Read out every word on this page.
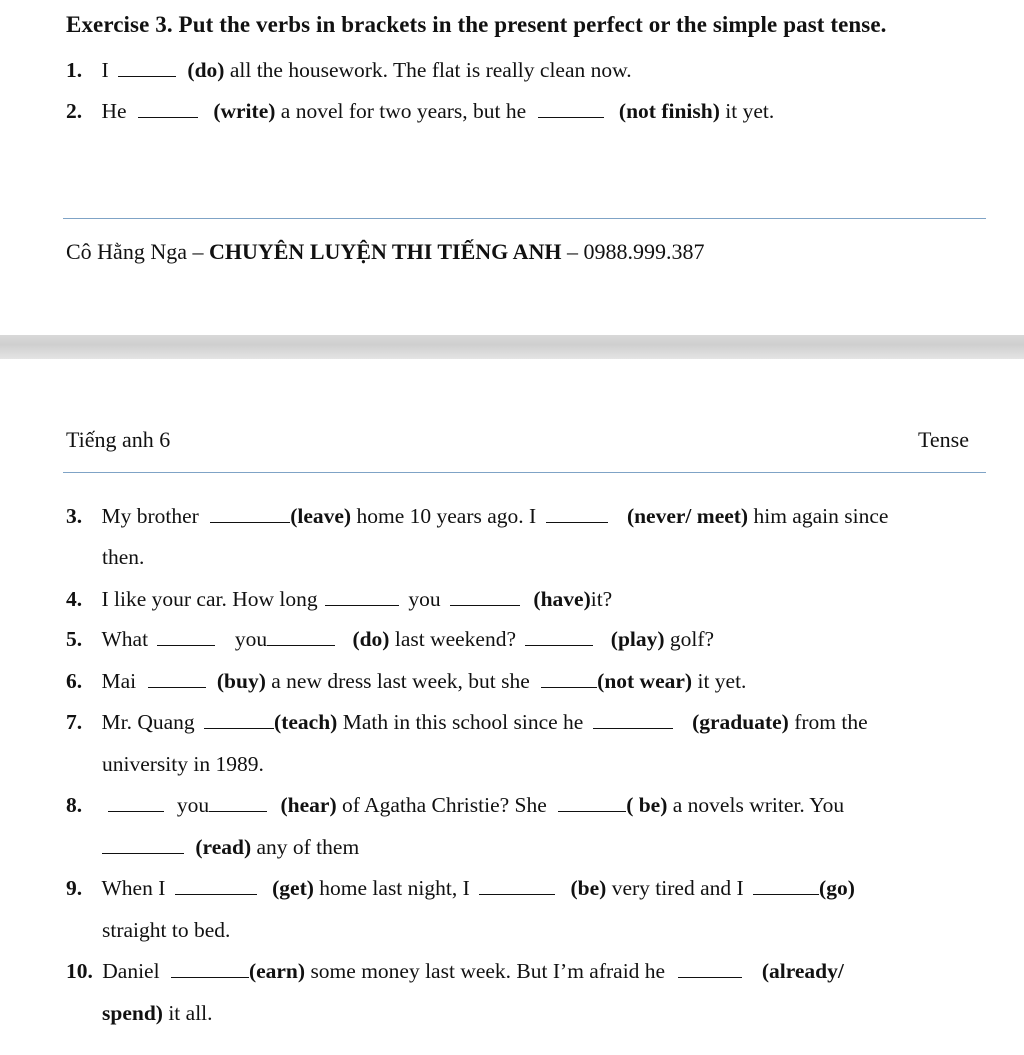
Exercise 3. Put the verbs in brackets in the present perfect or the simple past tense.
1. I	(do) all the housework. The flat is really clean now.
2. He	(write) a novel for two years, but he	(not finish) it yet.
Cô Hằng Nga – CHUYÊN LUYỆN THI TIẾNG ANH – 0988.999.387
Tiếng anh 6	Tense
3. My brother	(leave) home 10 years ago. I	(never/ meet) him again since
then.
4. I like your car. How long	you	(have)it?
5. What	you	(do) last weekend?	(play) golf?
6. Mai	(buy) a new dress last week, but she	(not wear) it yet.
7. Mr. Quang	(teach) Math in this school since he	(graduate) from the
university in 1989.
8.	you	(hear) of Agatha Christie? She	( be) a novels writer. You
(read) any of them
9. When I	(get) home last night, I	(be) very tired and I	(go)
straight to bed.
10. Daniel	(earn) some money last week. But I’m afraid he	(already/
spend) it all.
